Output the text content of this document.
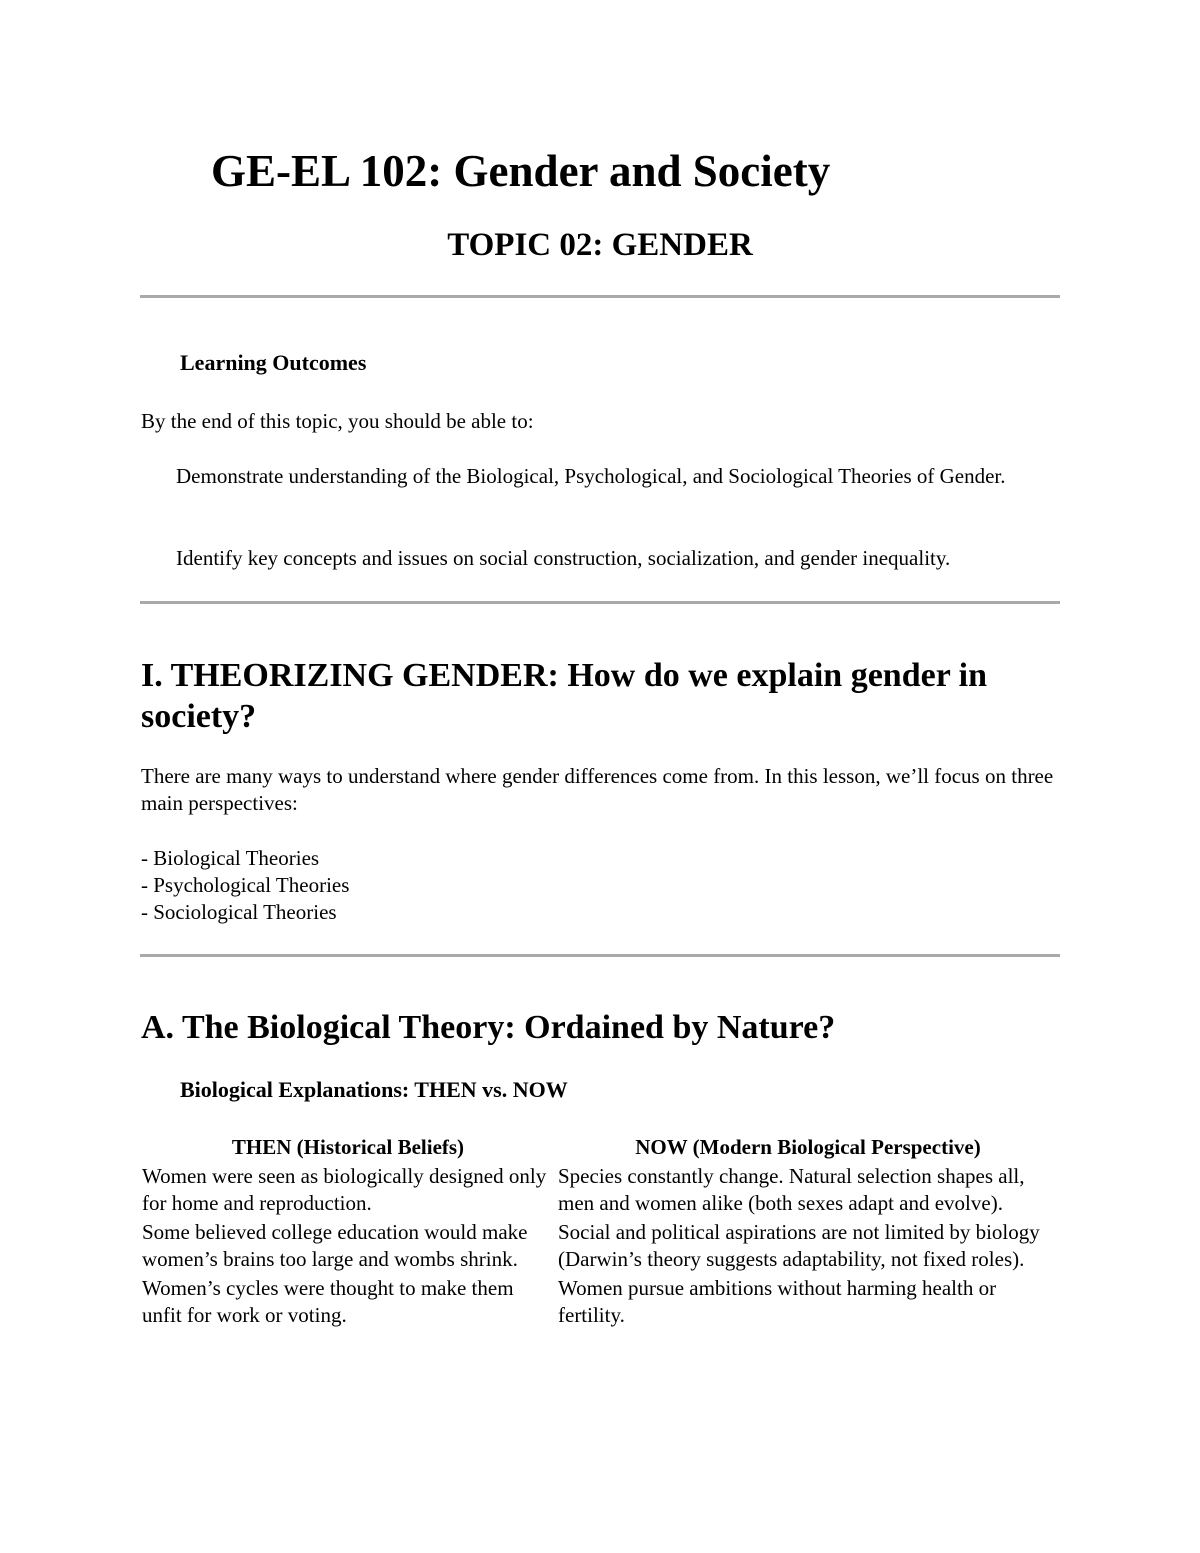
GE-EL 102: Gender and Society
TOPIC 02: GENDER
Learning Outcomes
By the end of this topic, you should be able to:
Demonstrate understanding of the Biological, Psychological, and Sociological Theories of Gender.
Identify key concepts and issues on social construction, socialization, and gender inequality.
I. THEORIZING GENDER: How do we explain gender in society?
There are many ways to understand where gender differences come from. In this lesson, we’ll focus on three main perspectives:
- Biological Theories
- Psychological Theories
- Sociological Theories
A. The Biological Theory: Ordained by Nature?
Biological Explanations: THEN vs. NOW
THEN (Historical Beliefs)	NOW (Modern Biological Perspective)
Women were seen as biologically designed only for home and reproduction.	Species constantly change. Natural selection shapes all, men and women alike (both sexes adapt and evolve).
Some believed college education would make women’s brains too large and wombs shrink.	Social and political aspirations are not limited by biology (Darwin’s theory suggests adaptability, not fixed roles).
Women’s cycles were thought to make them unfit for work or voting.	Women pursue ambitions without harming health or fertility.
